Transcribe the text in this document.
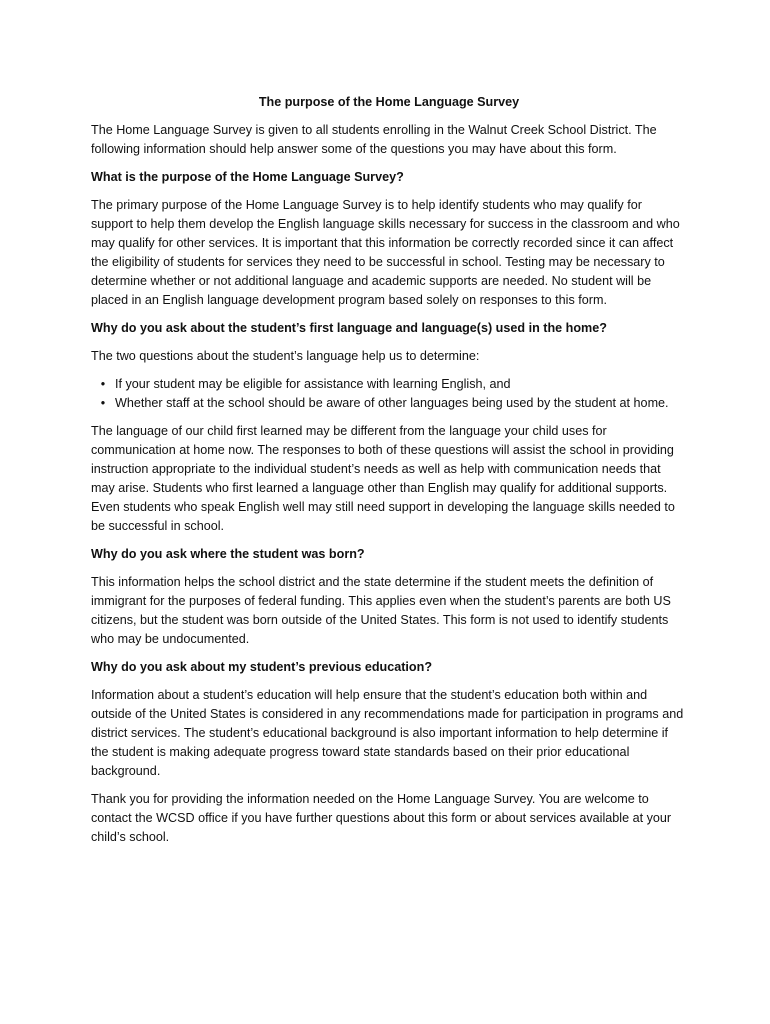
The purpose of the Home Language Survey

The Home Language Survey is given to all students enrolling in the Walnut Creek School District. The following information should help answer some of the questions you may have about this form.

What is the purpose of the Home Language Survey?

The primary purpose of the Home Language Survey is to help identify students who may qualify for support to help them develop the English language skills necessary for success in the classroom and who may qualify for other services. It is important that this information be correctly recorded since it can affect the eligibility of students for services they need to be successful in school. Testing may be necessary to determine whether or not additional language and academic supports are needed. No student will be placed in an English language development program based solely on responses to this form.

Why do you ask about the student’s first language and language(s) used in the home?

The two questions about the student’s language help us to determine:

• If your student may be eligible for assistance with learning English, and
• Whether staff at the school should be aware of other languages being used by the student at home.

The language of our child first learned may be different from the language your child uses for communication at home now. The responses to both of these questions will assist the school in providing instruction appropriate to the individual student’s needs as well as help with communication needs that may arise. Students who first learned a language other than English may qualify for additional supports. Even students who speak English well may still need support in developing the language skills needed to be successful in school.

Why do you ask where the student was born?

This information helps the school district and the state determine if the student meets the definition of immigrant for the purposes of federal funding. This applies even when the student’s parents are both US citizens, but the student was born outside of the United States. This form is not used to identify students who may be undocumented.

Why do you ask about my student’s previous education?

Information about a student’s education will help ensure that the student’s education both within and outside of the United States is considered in any recommendations made for participation in programs and district services. The student’s educational background is also important information to help determine if the student is making adequate progress toward state standards based on their prior educational background.

Thank you for providing the information needed on the Home Language Survey. You are welcome to contact the WCSD office if you have further questions about this form or about services available at your child’s school.
